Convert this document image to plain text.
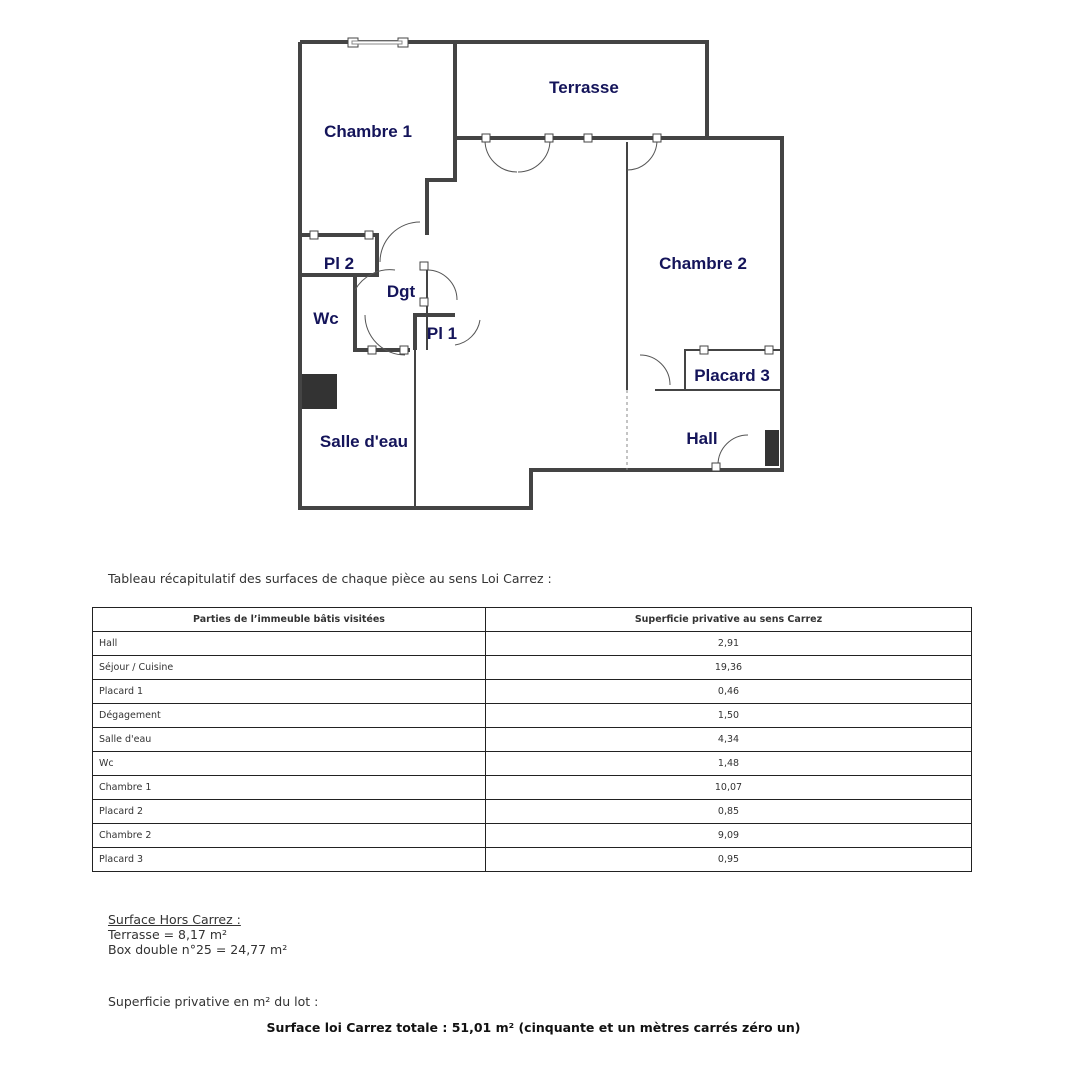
Terrasse
Chambre 1
Chambre 2
Pl 2
Dgt
Wc
Pl 1
Placard 3
Hall
Salle d'eau
Tableau récapitulatif des surfaces de chaque pièce au sens Loi Carrez :
Parties de l’immeuble bâtis visitées	Superficie privative au sens Carrez
Hall	2,91
Séjour / Cuisine	19,36
Placard 1	0,46
Dégagement	1,50
Salle d'eau	4,34
Wc	1,48
Chambre 1	10,07
Placard 2	0,85
Chambre 2	9,09
Placard 3	0,95
Surface Hors Carrez :
Terrasse = 8,17 m²
Box double n°25 = 24,77 m²
Superficie privative en m² du lot :
Surface loi Carrez totale : 51,01 m² (cinquante et un mètres carrés zéro un)
